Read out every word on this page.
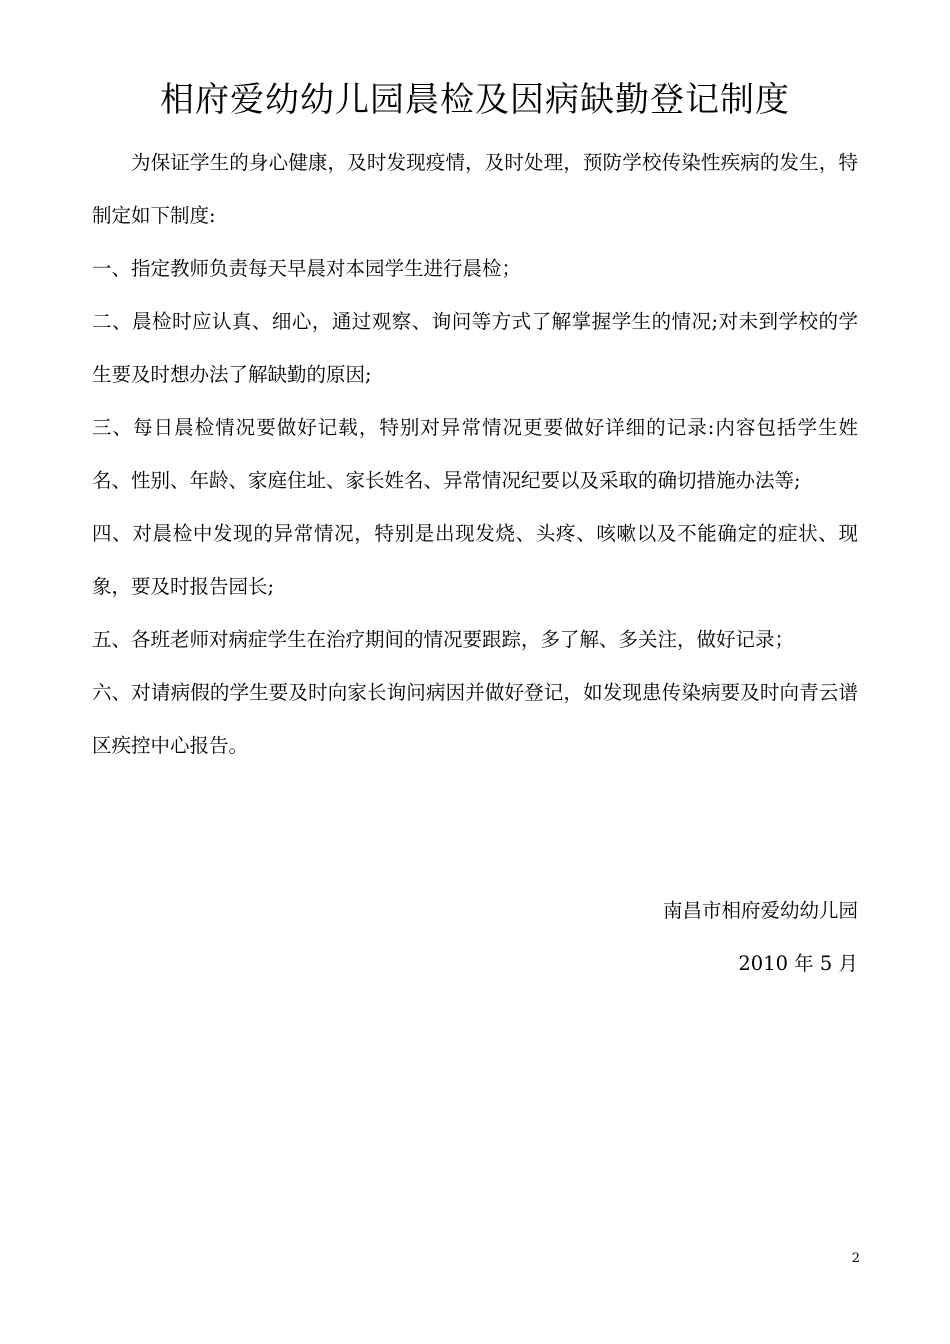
相府爱幼幼儿园晨检及因病缺勤登记制度

为保证学生的身心健康，及时发现疫情，及时处理，预防学校传染性疾病的发生，特制定如下制度:

一、指定教师负责每天早晨对本园学生进行晨检；

二、晨检时应认真、细心，通过观察、询问等方式了解掌握学生的情况;对未到学校的学生要及时想办法了解缺勤的原因;

三、每日晨检情况要做好记载，特别对异常情况更要做好详细的记录:内容包括学生姓名、性别、年龄、家庭住址、家长姓名、异常情况纪要以及采取的确切措施办法等;

四、对晨检中发现的异常情况，特别是出现发烧、头疼、咳嗽以及不能确定的症状、现象，要及时报告园长;

五、各班老师对病症学生在治疗期间的情况要跟踪，多了解、多关注，做好记录；

六、对请病假的学生要及时向家长询问病因并做好登记，如发现患传染病要及时向青云谱区疾控中心报告。

南昌市相府爱幼幼儿园
2010 年 5 月
2
